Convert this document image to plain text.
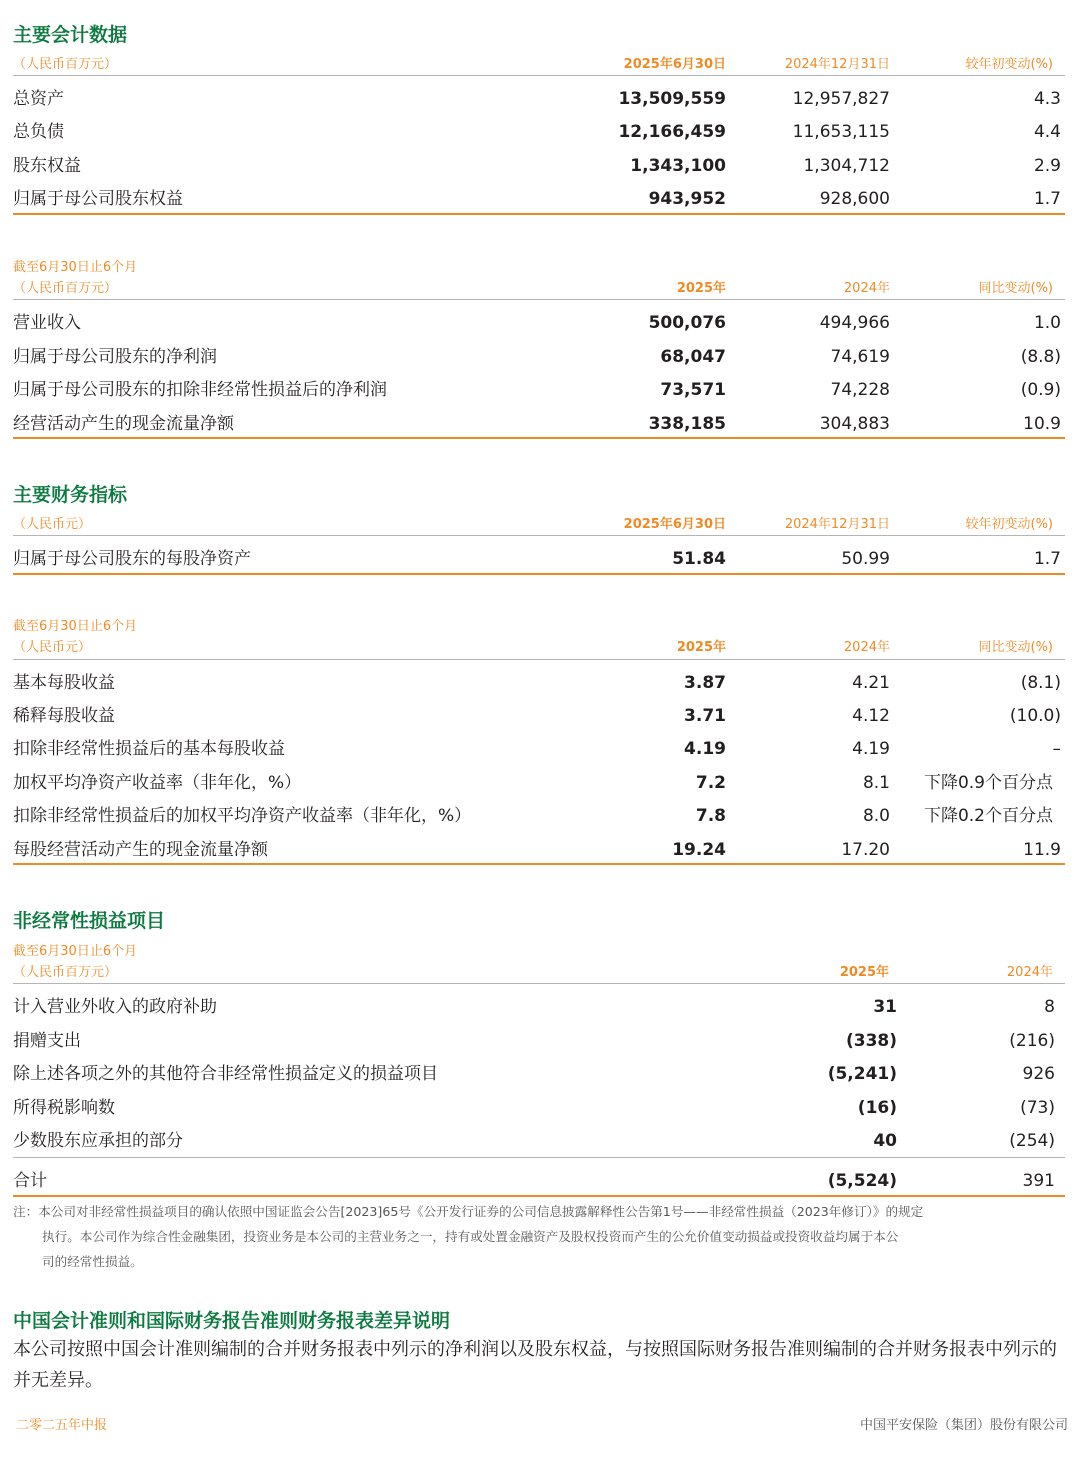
主要会计数据
（人民币百万元）	2025年6月30日	2024年12月31日	较年初变动(%)
总资产	13,509,559	12,957,827	4.3
总负债	12,166,459	11,653,115	4.4
股东权益	1,343,100	1,304,712	2.9
归属于母公司股东权益	943,952	928,600	1.7
截至6月30日止6个月
（人民币百万元）	2025年	2024年	同比变动(%)
营业收入	500,076	494,966	1.0
归属于母公司股东的净利润	68,047	74,619	(8.8)
归属于母公司股东的扣除非经常性损益后的净利润	73,571	74,228	(0.9)
经营活动产生的现金流量净额	338,185	304,883	10.9
主要财务指标
（人民币元）	2025年6月30日	2024年12月31日	较年初变动(%)
归属于母公司股东的每股净资产	51.84	50.99	1.7
截至6月30日止6个月
（人民币元）	2025年	2024年	同比变动(%)
基本每股收益	3.87	4.21	(8.1)
稀释每股收益	3.71	4.12	(10.0)
扣除非经常性损益后的基本每股收益	4.19	4.19	–
加权平均净资产收益率（非年化，%）	7.2	8.1 下降0.9个百分点
扣除非经常性损益后的加权平均净资产收益率（非年化，%）	7.8	8.0 下降0.2个百分点
每股经营活动产生的现金流量净额	19.24	17.20	11.9
非经常性损益项目
截至6月30日止6个月
（人民币百万元）	2025年	2024年
计入营业外收入的政府补助	31	8
捐赠支出	(338)	(216)
除上述各项之外的其他符合非经常性损益定义的损益项目	(5,241)	926
所得税影响数	(16)	(73)
少数股东应承担的部分	40	(254)
合计	(5,524)	391
注：本公司对非经常性损益项目的确认依照中国证监会公告[2023]65号《公开发行证券的公司信息披露解释性公告第1号——非经常性损益（2023年修订）》的规定
执行。本公司作为综合性金融集团，投资业务是本公司的主营业务之一，持有或处置金融资产及股权投资而产生的公允价值变动损益或投资收益均属于本公
司的经常性损益。
中国会计准则和国际财务报告准则财务报表差异说明
本公司按照中国会计准则编制的合并财务报表中列示的净利润以及股东权益，与按照国际财务报告准则编制的合并财务报表中列示的并无差异。
二零二五年中报	中国平安保险（集团）股份有限公司
